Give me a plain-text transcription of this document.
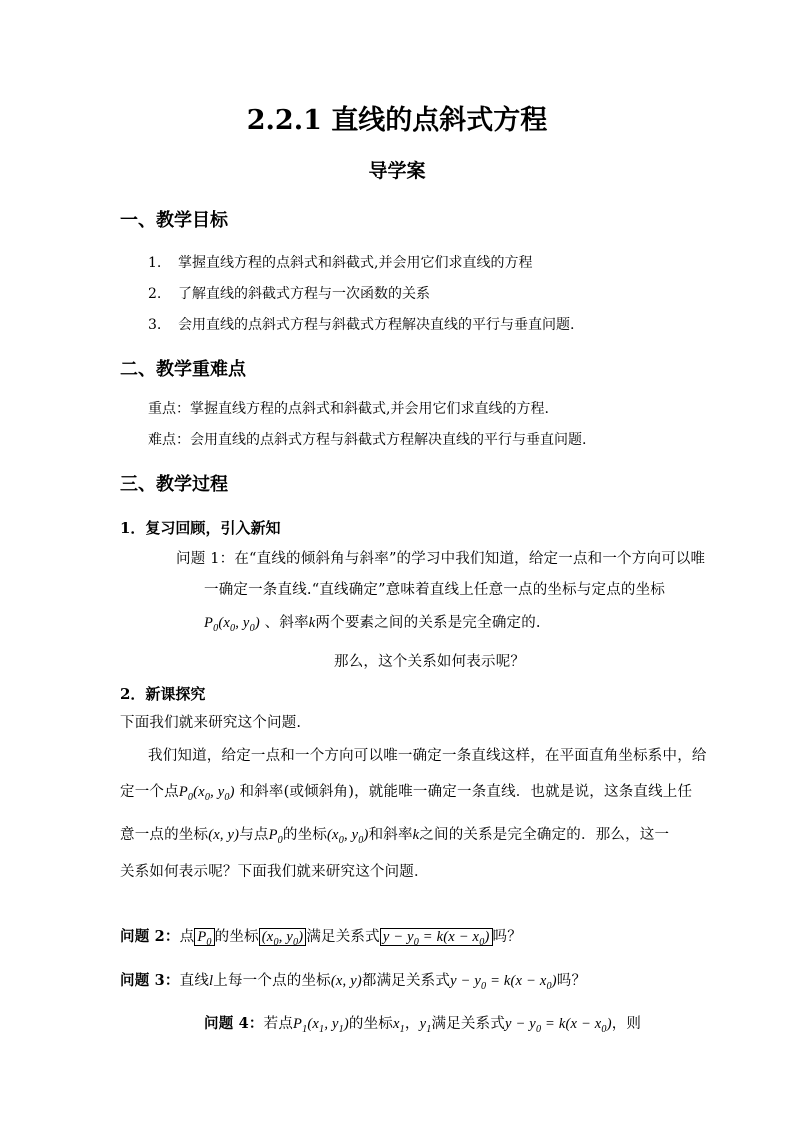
2.2.1 直线的点斜式方程
导学案
一、教学目标
1. 掌握直线方程的点斜式和斜截式,并会用它们求直线的方程
2. 了解直线的斜截式方程与一次函数的关系
3. 会用直线的点斜式方程与斜截式方程解决直线的平行与垂直问题.
二、教学重难点
重点：掌握直线方程的点斜式和斜截式,并会用它们求直线的方程.
难点：会用直线的点斜式方程与斜截式方程解决直线的平行与垂直问题.
三、教学过程
1．复习回顾，引入新知
问题 1：在“直线的倾斜角与斜率”的学习中我们知道，给定一点和一个方向可以唯
一确定一条直线.“直线确定”意味着直线上任意一点的坐标与定点的坐标
$P_0(x_0$, $y_0$) 、斜率k两个要素之间的关系是完全确定的.
那么，这个关系如何表示呢？
2．新课探究
下面我们就来研究这个问题.
我们知道，给定一点和一个方向可以唯一确定一条直线这样，在平面直角坐标系中，给
定一个点$P_0(x_0$, $y_0$) 和斜率(或倾斜角)，就能唯一确定一条直线．也就是说，这条直线上任
意一点的坐标(x, y)与点$P_0$的坐标($x_0$, $y_0$)和斜率k之间的关系是完全确定的．那么，这一
关系如何表示呢？下面我们就来研究这个问题．
问题 2：点 $P_0$ 的坐标 ($x_0$, $y_0$) 满足关系式 $y - y_0 = k(x - x_0)$ 吗？
问题 3：直线l上每一个点的坐标(x, y)都满足关系式$y - y_0 = k(x - x_0)$吗？
问题 4：若点$P_1(x_1$, $y_1$)的坐标$x_1$，$y_1$满足关系式$y - y_0 = k(x - x_0)$，则
